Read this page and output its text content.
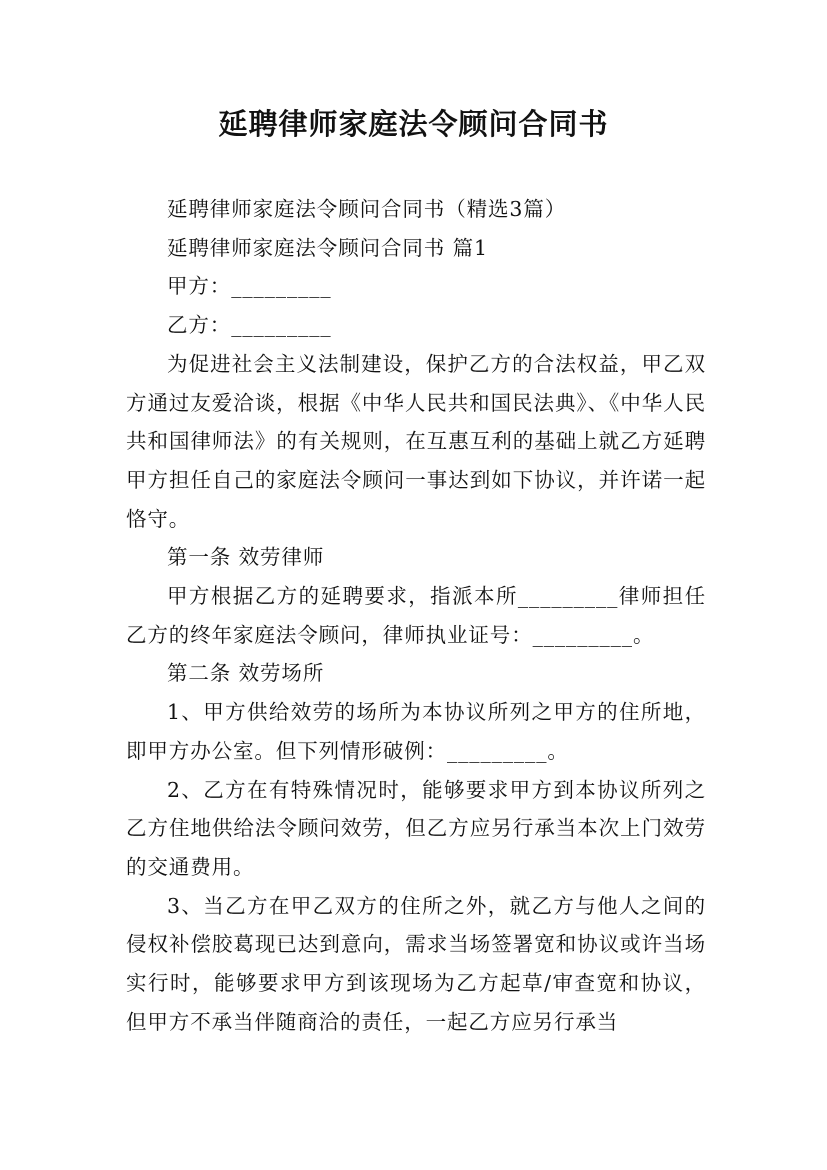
延聘律师家庭法令顾问合同书

延聘律师家庭法令顾问合同书（精选3篇）

延聘律师家庭法令顾问合同书 篇1

甲方：_________

乙方：_________

为促进社会主义法制建设，保护乙方的合法权益，甲乙双方通过友爱洽谈，根据《中华人民共和国民法典》、《中华人民共和国律师法》的有关规则，在互惠互利的基础上就乙方延聘甲方担任自己的家庭法令顾问一事达到如下协议，并许诺一起恪守。

第一条 效劳律师

甲方根据乙方的延聘要求，指派本所_________律师担任乙方的终年家庭法令顾问，律师执业证号：_________。

第二条 效劳场所

1、甲方供给效劳的场所为本协议所列之甲方的住所地，即甲方办公室。但下列情形破例：_________。

2、乙方在有特殊情况时，能够要求甲方到本协议所列之乙方住地供给法令顾问效劳，但乙方应另行承当本次上门效劳的交通费用。

3、当乙方在甲乙双方的住所之外，就乙方与他人之间的侵权补偿胶葛现已达到意向，需求当场签署宽和协议或许当场实行时，能够要求甲方到该现场为乙方起草/审查宽和协议，但甲方不承当伴随商洽的责任，一起乙方应另行承当
